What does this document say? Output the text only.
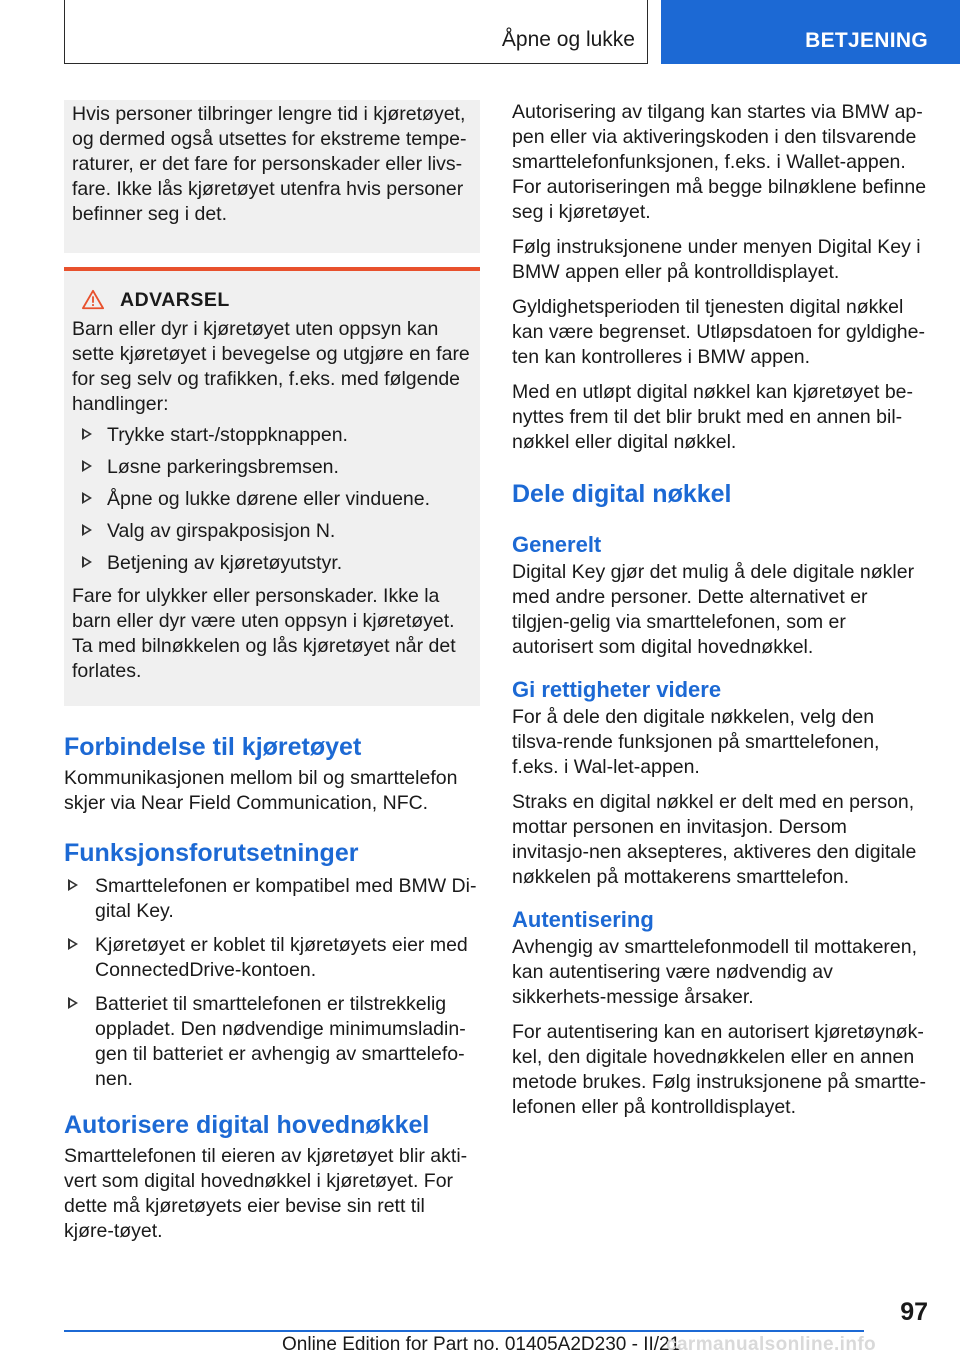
Åpne og lukke	BETJENING

Hvis personer tilbringer lengre tid i kjøretøyet, og dermed også utsettes for ekstreme tempe-raturer, er det fare for personskader eller livs-fare. Ikke lås kjøretøyet utenfra hvis personer befinner seg i det.

ADVARSEL

Barn eller dyr i kjøretøyet uten oppsyn kan sette kjøretøyet i bevegelse og utgjøre en fare for seg selv og trafikken, f.eks. med følgende handlinger:

Trykke start-/stoppknappen.
Løsne parkeringsbremsen.
Åpne og lukke dørene eller vinduene.
Valg av girspakposisjon N.
Betjening av kjøretøyutstyr.

Fare for ulykker eller personskader. Ikke la barn eller dyr være uten oppsyn i kjøretøyet. Ta med bilnøkkelen og lås kjøretøyet når det forlates.

Forbindelse til kjøretøyet

Kommunikasjonen mellom bil og smarttelefon skjer via Near Field Communication, NFC.

Funksjonsforutsetninger
Smarttelefonen er kompatibel med BMW Di-gital Key.
Kjøretøyet er koblet til kjøretøyets eier med ConnectedDrive-kontoen.
Batteriet til smarttelefonen er tilstrekkelig oppladet. Den nødvendige minimumsladin-gen til batteriet er avhengig av smarttelefo-nen.
Autorisere digital hovednøkkel

Smarttelefonen til eieren av kjøretøyet blir akti-vert som digital hovednøkkel i kjøretøyet. For dette må kjøretøyets eier bevise sin rett til kjøre-tøyet.

Autorisering av tilgang kan startes via BMW ap-pen eller via aktiveringskoden i den tilsvarende smarttelefonfunksjonen, f.eks. i Wallet-appen. For autoriseringen må begge bilnøklene befinne seg i kjøretøyet.

Følg instruksjonene under menyen Digital Key i BMW appen eller på kontrolldisplayet.

Gyldighetsperioden til tjenesten digital nøkkel kan være begrenset. Utløpsdatoen for gyldighe-ten kan kontrolleres i BMW appen.

Med en utløpt digital nøkkel kan kjøretøyet be-nyttes frem til det blir brukt med en annen bil-nøkkel eller digital nøkkel.

Dele digital nøkkel
Generelt

Digital Key gjør det mulig å dele digitale nøkler med andre personer. Dette alternativet er tilgjen-gelig via smarttelefonen, som er autorisert som digital hovednøkkel.

Gi rettigheter videre

For å dele den digitale nøkkelen, velg den tilsva-rende funksjonen på smarttelefonen, f.eks. i Wal-let-appen.

Straks en digital nøkkel er delt med en person, mottar personen en invitasjon. Dersom invitasjo-nen aksepteres, aktiveres den digitale nøkkelen på mottakerens smarttelefon.

Autentisering

Avhengig av smarttelefonmodell til mottakeren, kan autentisering være nødvendig av sikkerhets-messige årsaker.

For autentisering kan en autorisert kjøretøynøk-kel, den digitale hovednøkkelen eller en annen metode brukes. Følg instruksjonene på smartte-lefonen eller på kontrolldisplayet.

97
Online Edition for Part no. 01405A2D230 - II/21
carmanualsonline.info
